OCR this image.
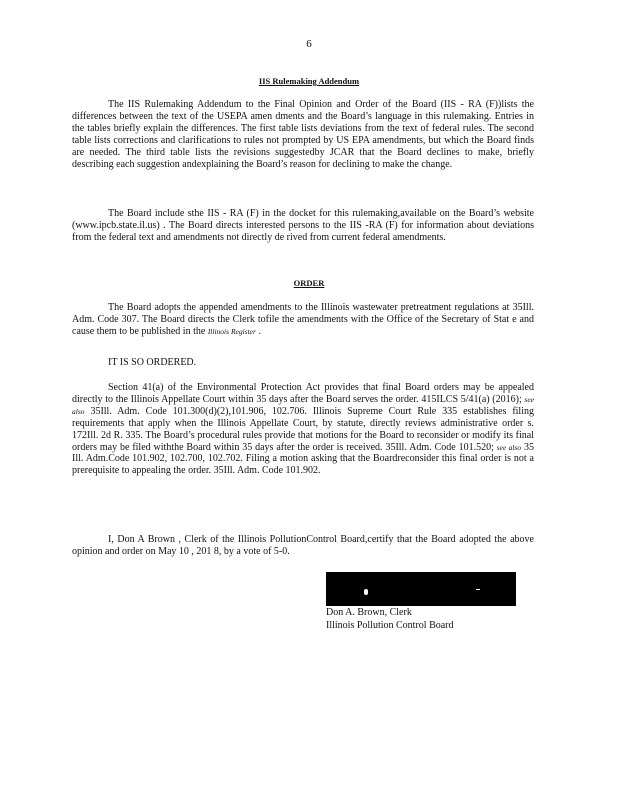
6
IIS Rulemaking Addendum

The IIS Rulemaking Addendum to the Final Opinion and Order of the Board (IIS - RA (F))lists the differences between the text of the USEPA amen dments and the Board’s language in this rulemaking. Entries in the tables briefly explain the differences. The first table lists deviations from the text of federal rules. The second table lists corrections and clarifications to rules not prompted by US EPA amendments, but which the Board finds are needed. The third table lists the revisions suggestedby JCAR that the Board declines to make, briefly describing each suggestion andexplaining the Board’s reason for declining to make the change.

The Board include sthe IIS - RA (F) in the docket for this rulemaking,available on the Board’s website (www.ipcb.state.il.us) . The Board directs interested persons to the IIS -RA (F) for information about deviations from the federal text and amendments not directly de rived from current federal amendments.

ORDER

The Board adopts the appended amendments to the Illinois wastewater pretreatment regulations at 35Ill. Adm. Code 307. The Board directs the Clerk tofile the amendments with the Office of the Secretary of Stat e and cause them to be published in the Illinois Register .

IT IS SO ORDERED.

Section 41(a) of the Environmental Protection Act provides that final Board orders may be appealed directly to the Illinois Appellate Court within 35 days after the Board serves the order. 415ILCS 5/41(a) (2016); see also 35Ill. Adm. Code 101.300(d)(2),101.906, 102.706. Illinois Supreme Court Rule 335 establishes filing requirements that apply when the Illinois Appellate Court, by statute, directly reviews administrative order s. 172Ill. 2d R. 335. The Board’s procedural rules provide that motions for the Board to reconsider or modify its final orders may be filed withthe Board within 35 days after the order is received. 35Ill. Adm. Code 101.520; see also 35 Ill. Adm.Code 101.902, 102.700, 102.702. Filing a motion asking that the Boardreconsider this final order is not a prerequisite to appealing the order. 35Ill. Adm. Code 101.902.

I, Don A Brown , Clerk of the Illinois PollutionControl Board,certify that the Board adopted the above opinion and order on May 10 , 201 8, by a vote of 5-0.

Don A. Brown, Clerk
Illinois Pollution Control Board
